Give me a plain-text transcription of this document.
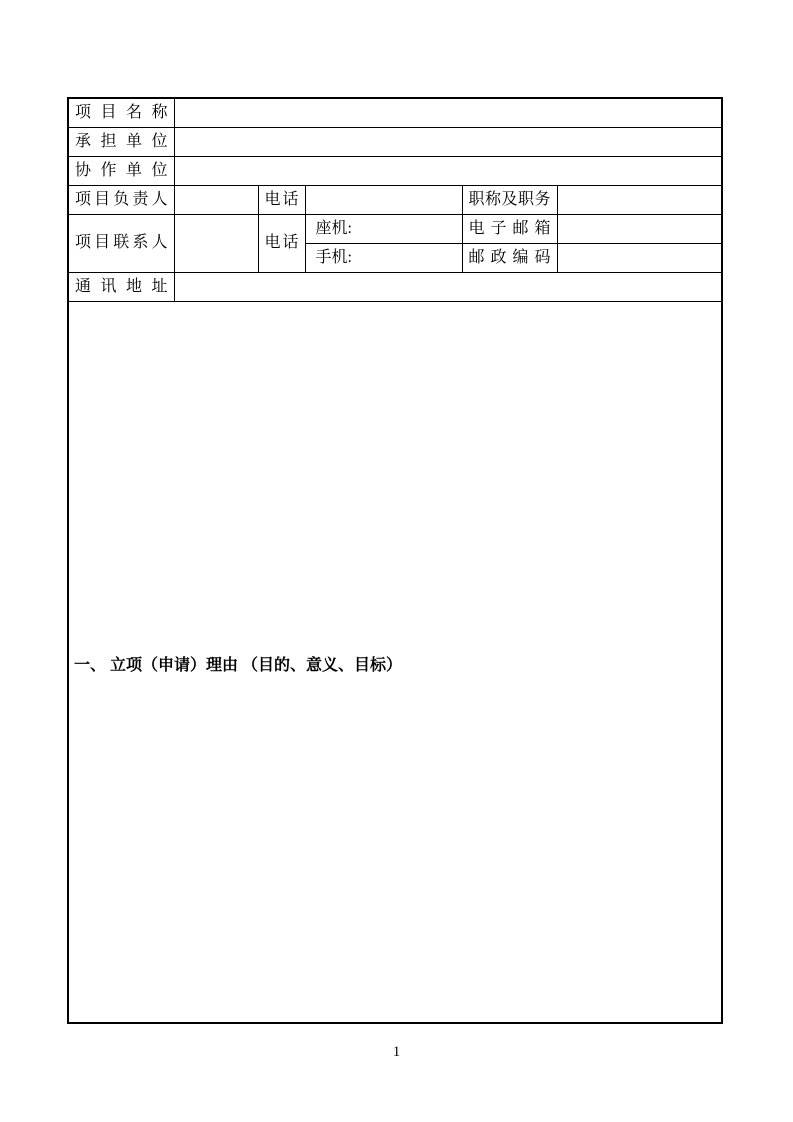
项目名称					
承担单位					
协作单位					
项目负责人		电话		职称及职务	
项目联系人		电话	座机:	电子邮箱	
			手机:	邮政编码	
通讯地址					

一、 立项（申请）理由 （目的、意义、目标）					
1
